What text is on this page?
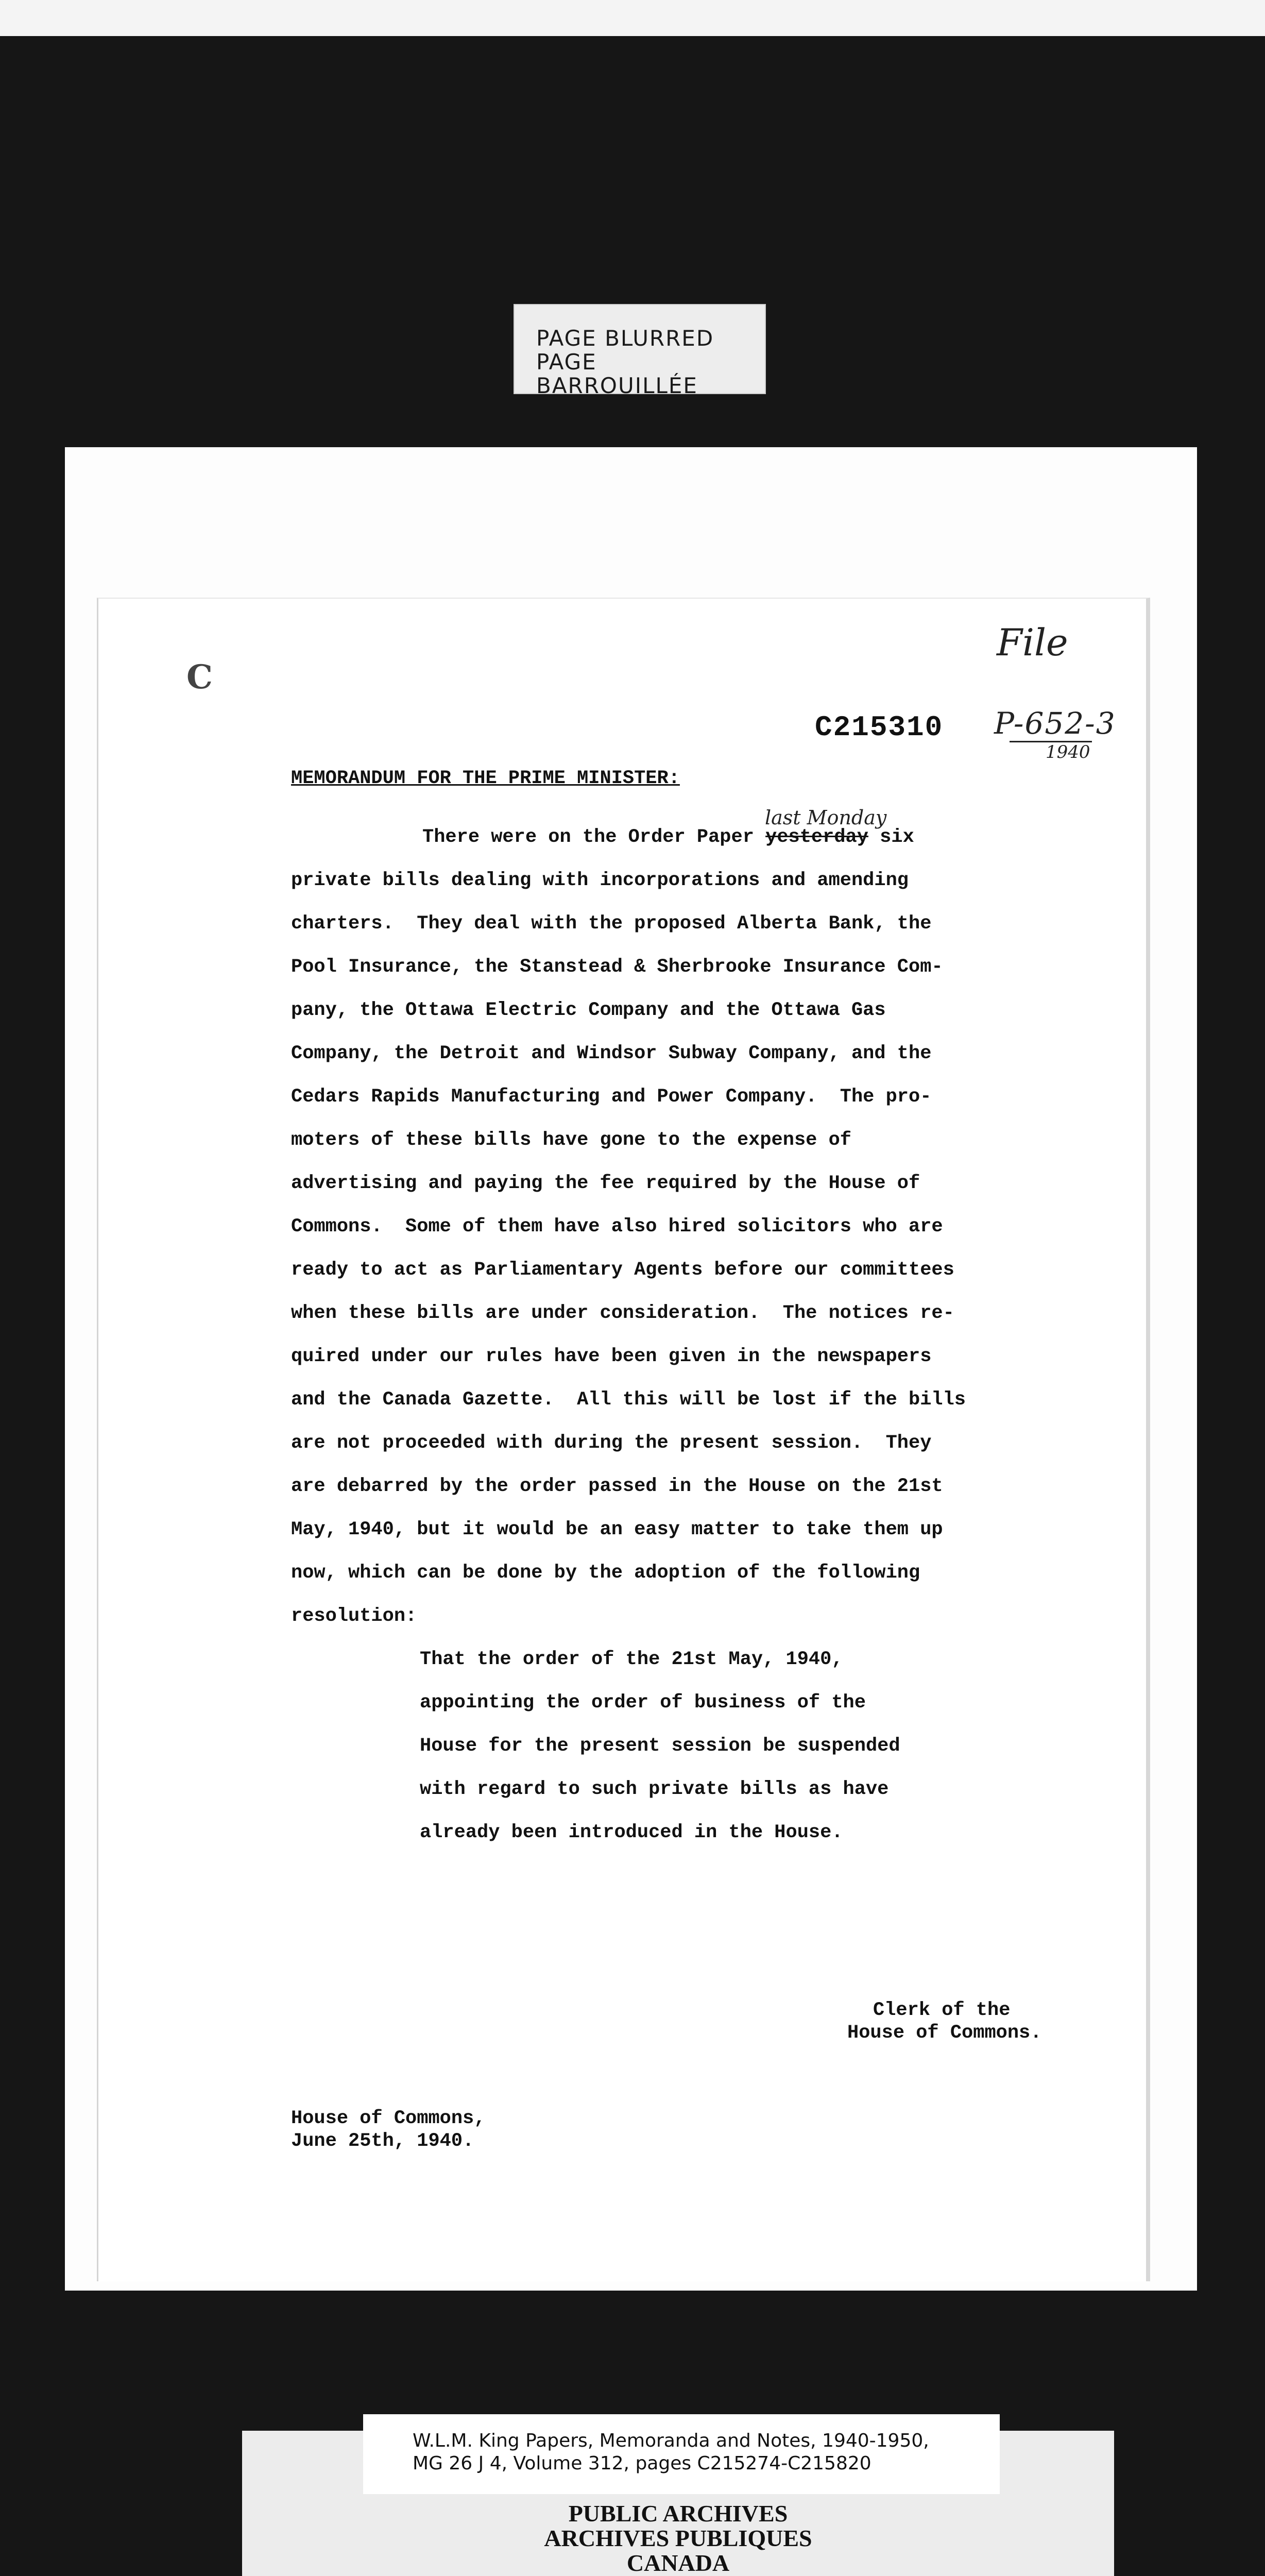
PAGE BLURRED
PAGE BARROUILLÉE
C
File
P-652-3
1940
last Monday
C215310
MEMORANDUM FOR THE PRIME MINISTER:
There were on the Order Paper yesterday six
private bills dealing with incorporations and amending
charters.  They deal with the proposed Alberta Bank, the
Pool Insurance, the Stanstead & Sherbrooke Insurance Com-
pany, the Ottawa Electric Company and the Ottawa Gas
Company, the Detroit and Windsor Subway Company, and the
Cedars Rapids Manufacturing and Power Company.  The pro-
moters of these bills have gone to the expense of
advertising and paying the fee required by the House of
Commons.  Some of them have also hired solicitors who are
ready to act as Parliamentary Agents before our committees
when these bills are under consideration.  The notices re-
quired under our rules have been given in the newspapers
and the Canada Gazette.  All this will be lost if the bills
are not proceeded with during the present session.  They
are debarred by the order passed in the House on the 21st
May, 1940, but it would be an easy matter to take them up
now, which can be done by the adoption of the following
resolution:
That the order of the 21st May, 1940,
appointing the order of business of the
House for the present session be suspended
with regard to such private bills as have
already been introduced in the House.
Clerk of the
House of Commons.
House of Commons,
June 25th, 1940.
W.L.M. King Papers, Memoranda and Notes, 1940-1950,
MG 26 J 4, Volume 312, pages C215274-C215820
PUBLIC ARCHIVES
ARCHIVES PUBLIQUES
CANADA
